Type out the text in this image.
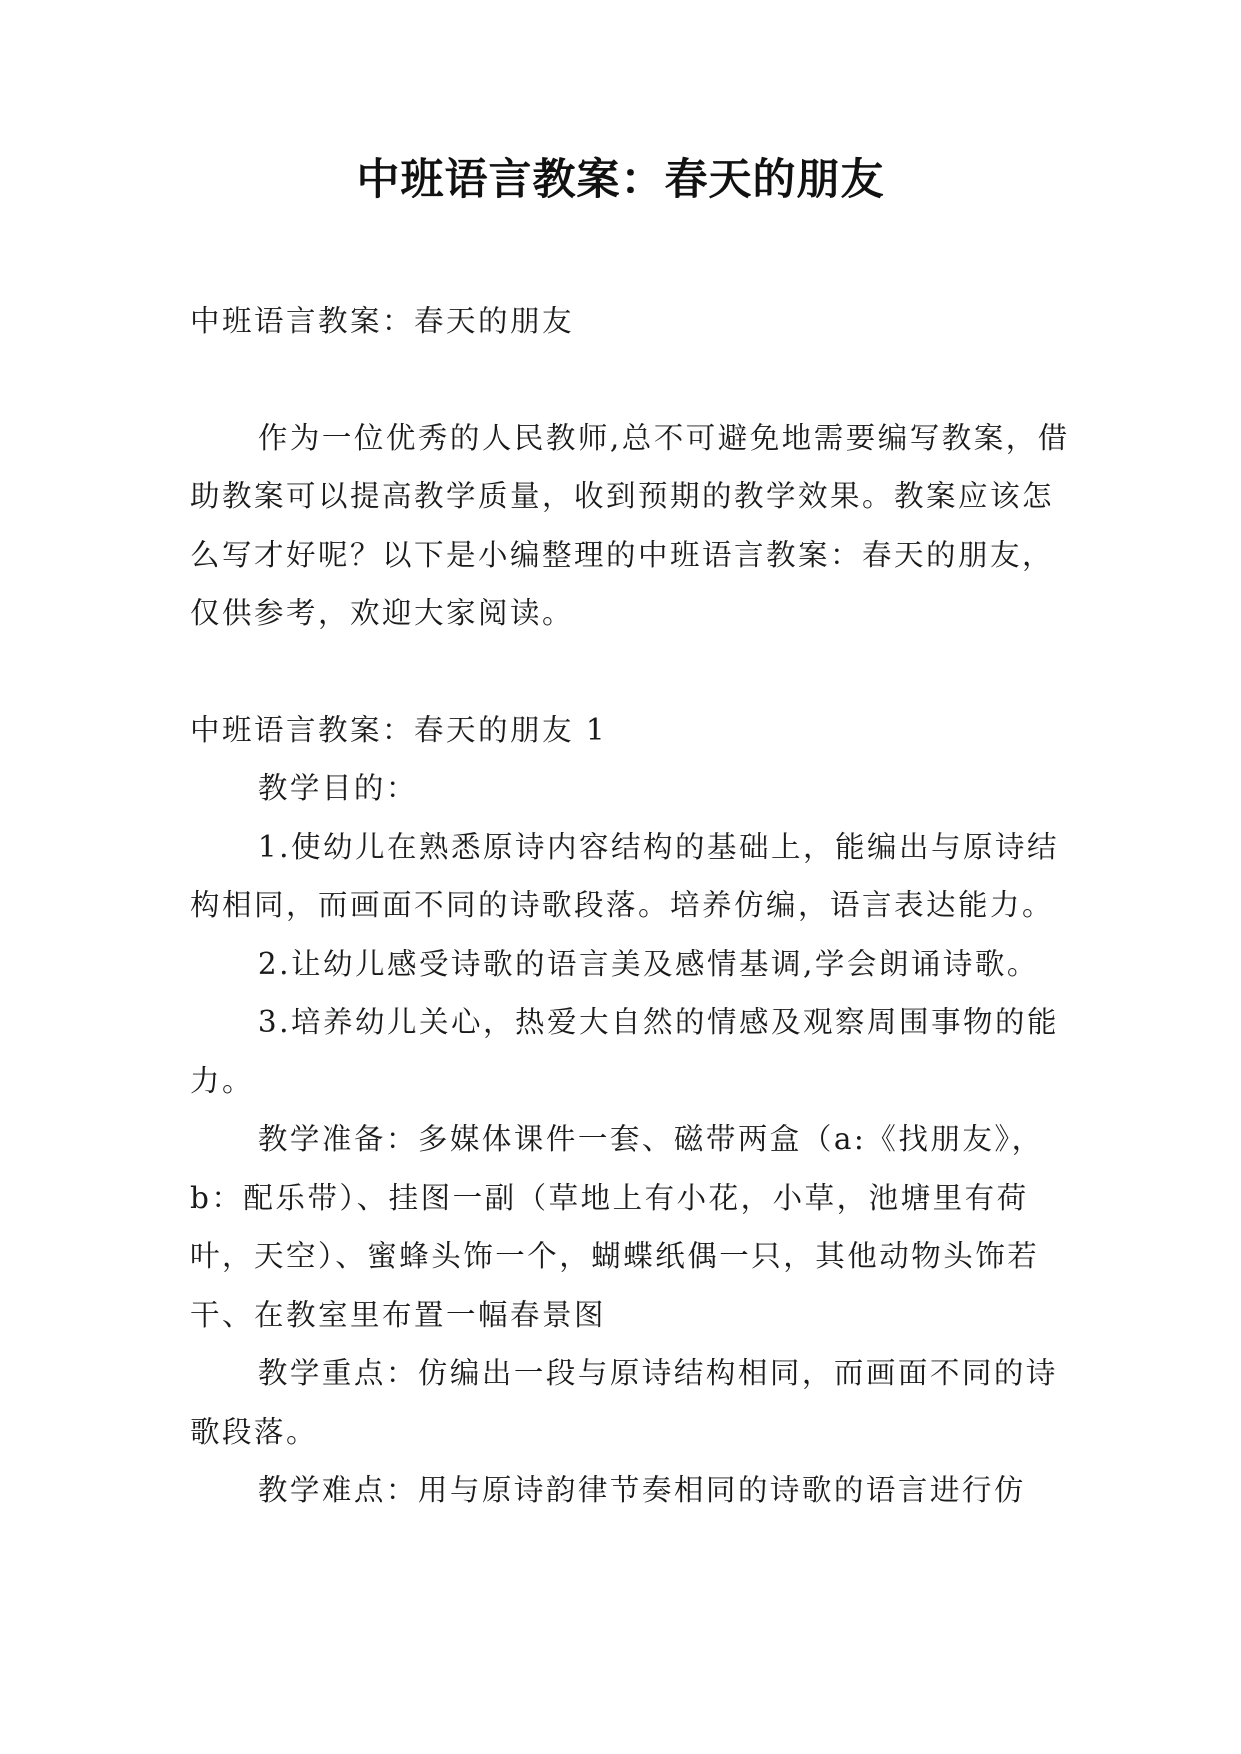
中班语言教案：春天的朋友

中班语言教案：春天的朋友

作为一位优秀的人民教师,总不可避免地需要编写教案，借助教案可以提高教学质量，收到预期的教学效果。教案应该怎么写才好呢？以下是小编整理的中班语言教案：春天的朋友，仅供参考，欢迎大家阅读。

中班语言教案：春天的朋友 1

教学目的：

1.使幼儿在熟悉原诗内容结构的基础上，能编出与原诗结构相同，而画面不同的诗歌段落。培养仿编，语言表达能力。

2.让幼儿感受诗歌的语言美及感情基调,学会朗诵诗歌。

3.培养幼儿关心，热爱大自然的情感及观察周围事物的能力。

教学准备：多媒体课件一套、磁带两盒（a:《找朋友》，b：配乐带）、挂图一副（草地上有小花，小草，池塘里有荷叶，天空）、蜜蜂头饰一个，蝴蝶纸偶一只，其他动物头饰若干、在教室里布置一幅春景图

教学重点：仿编出一段与原诗结构相同，而画面不同的诗歌段落。

教学难点：用与原诗韵律节奏相同的诗歌的语言进行仿
